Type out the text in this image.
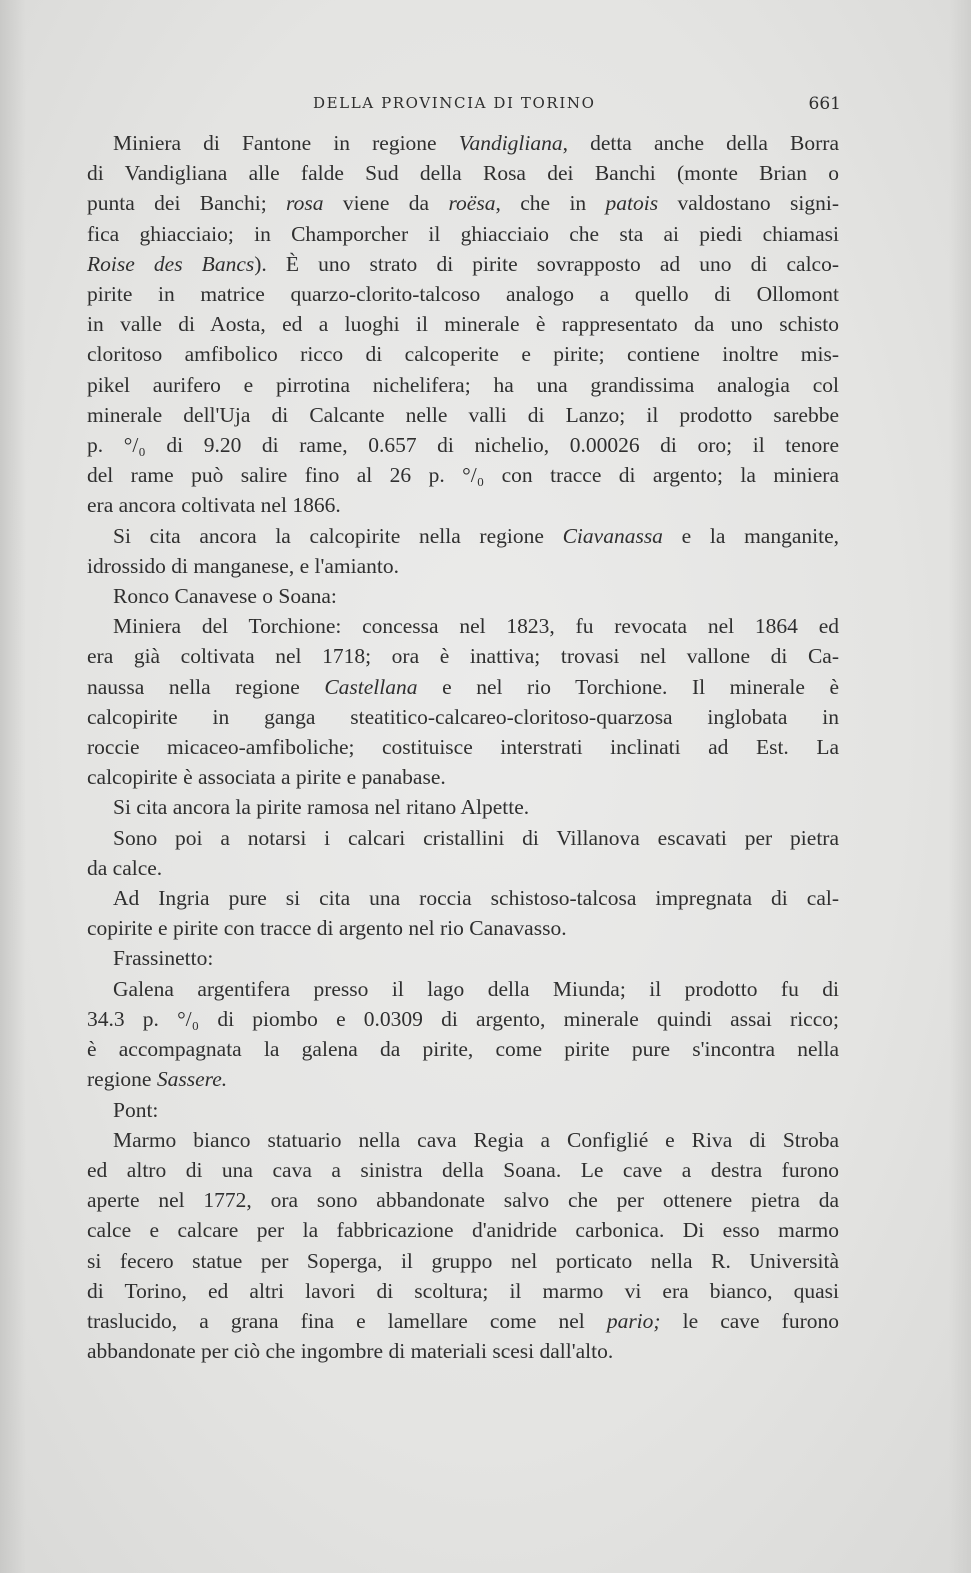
DELLA PROVINCIA DI TORINO	661
Miniera di Fantone in regione Vandigliana, detta anche della Borra
di Vandigliana alle falde Sud della Rosa dei Banchi (monte Brian o
punta dei Banchi; rosa viene da roësa, che in patois valdostano signi-
fica ghiacciaio; in Champorcher il ghiacciaio che sta ai piedi chiamasi
Roise des Bancs). È uno strato di pirite sovrapposto ad uno di calco-
pirite in matrice quarzo-clorito-talcoso analogo a quello di Ollomont
in valle di Aosta, ed a luoghi il minerale è rappresentato da uno schisto
cloritoso amfibolico ricco di calcoperite e pirite; contiene inoltre mis-
pikel aurifero e pirrotina nichelifera; ha una grandissima analogia col
minerale dell'Uja di Calcante nelle valli di Lanzo; il prodotto sarebbe
p. °/₀ di 9.20 di rame, 0.657 di nichelio, 0.00026 di oro; il tenore
del rame può salire fino al 26 p. °/₀ con tracce di argento; la miniera
era ancora coltivata nel 1866.
Si cita ancora la calcopirite nella regione Ciavanassa e la manganite,
idrossido di manganese, e l'amianto.
Ronco Canavese o Soana:
Miniera del Torchione: concessa nel 1823, fu revocata nel 1864 ed
era già coltivata nel 1718; ora è inattiva; trovasi nel vallone di Ca-
naussa nella regione Castellana e nel rio Torchione. Il minerale è
calcopirite in ganga steatitico-calcareo-cloritoso-quarzosa inglobata in
roccie micaceo-amfiboliche; costituisce interstrati inclinati ad Est. La
calcopirite è associata a pirite e panabase.
Si cita ancora la pirite ramosa nel ritano Alpette.
Sono poi a notarsi i calcari cristallini di Villanova escavati per pietra
da calce.
Ad Ingria pure si cita una roccia schistoso-talcosa impregnata di cal-
copirite e pirite con tracce di argento nel rio Canavasso.
Frassinetto:
Galena argentifera presso il lago della Miunda; il prodotto fu di
34.3 p. °/₀ di piombo e 0.0309 di argento, minerale quindi assai ricco;
è accompagnata la galena da pirite, come pirite pure s'incontra nella
regione Sassere.
Pont:
Marmo bianco statuario nella cava Regia a Configlié e Riva di Stroba
ed altro di una cava a sinistra della Soana. Le cave a destra furono
aperte nel 1772, ora sono abbandonate salvo che per ottenere pietra da
calce e calcare per la fabbricazione d'anidride carbonica. Di esso marmo
si fecero statue per Soperga, il gruppo nel porticato nella R. Università
di Torino, ed altri lavori di scoltura; il marmo vi era bianco, quasi
traslucido, a grana fina e lamellare come nel pario; le cave furono
abbandonate per ciò che ingombre di materiali scesi dall'alto.
